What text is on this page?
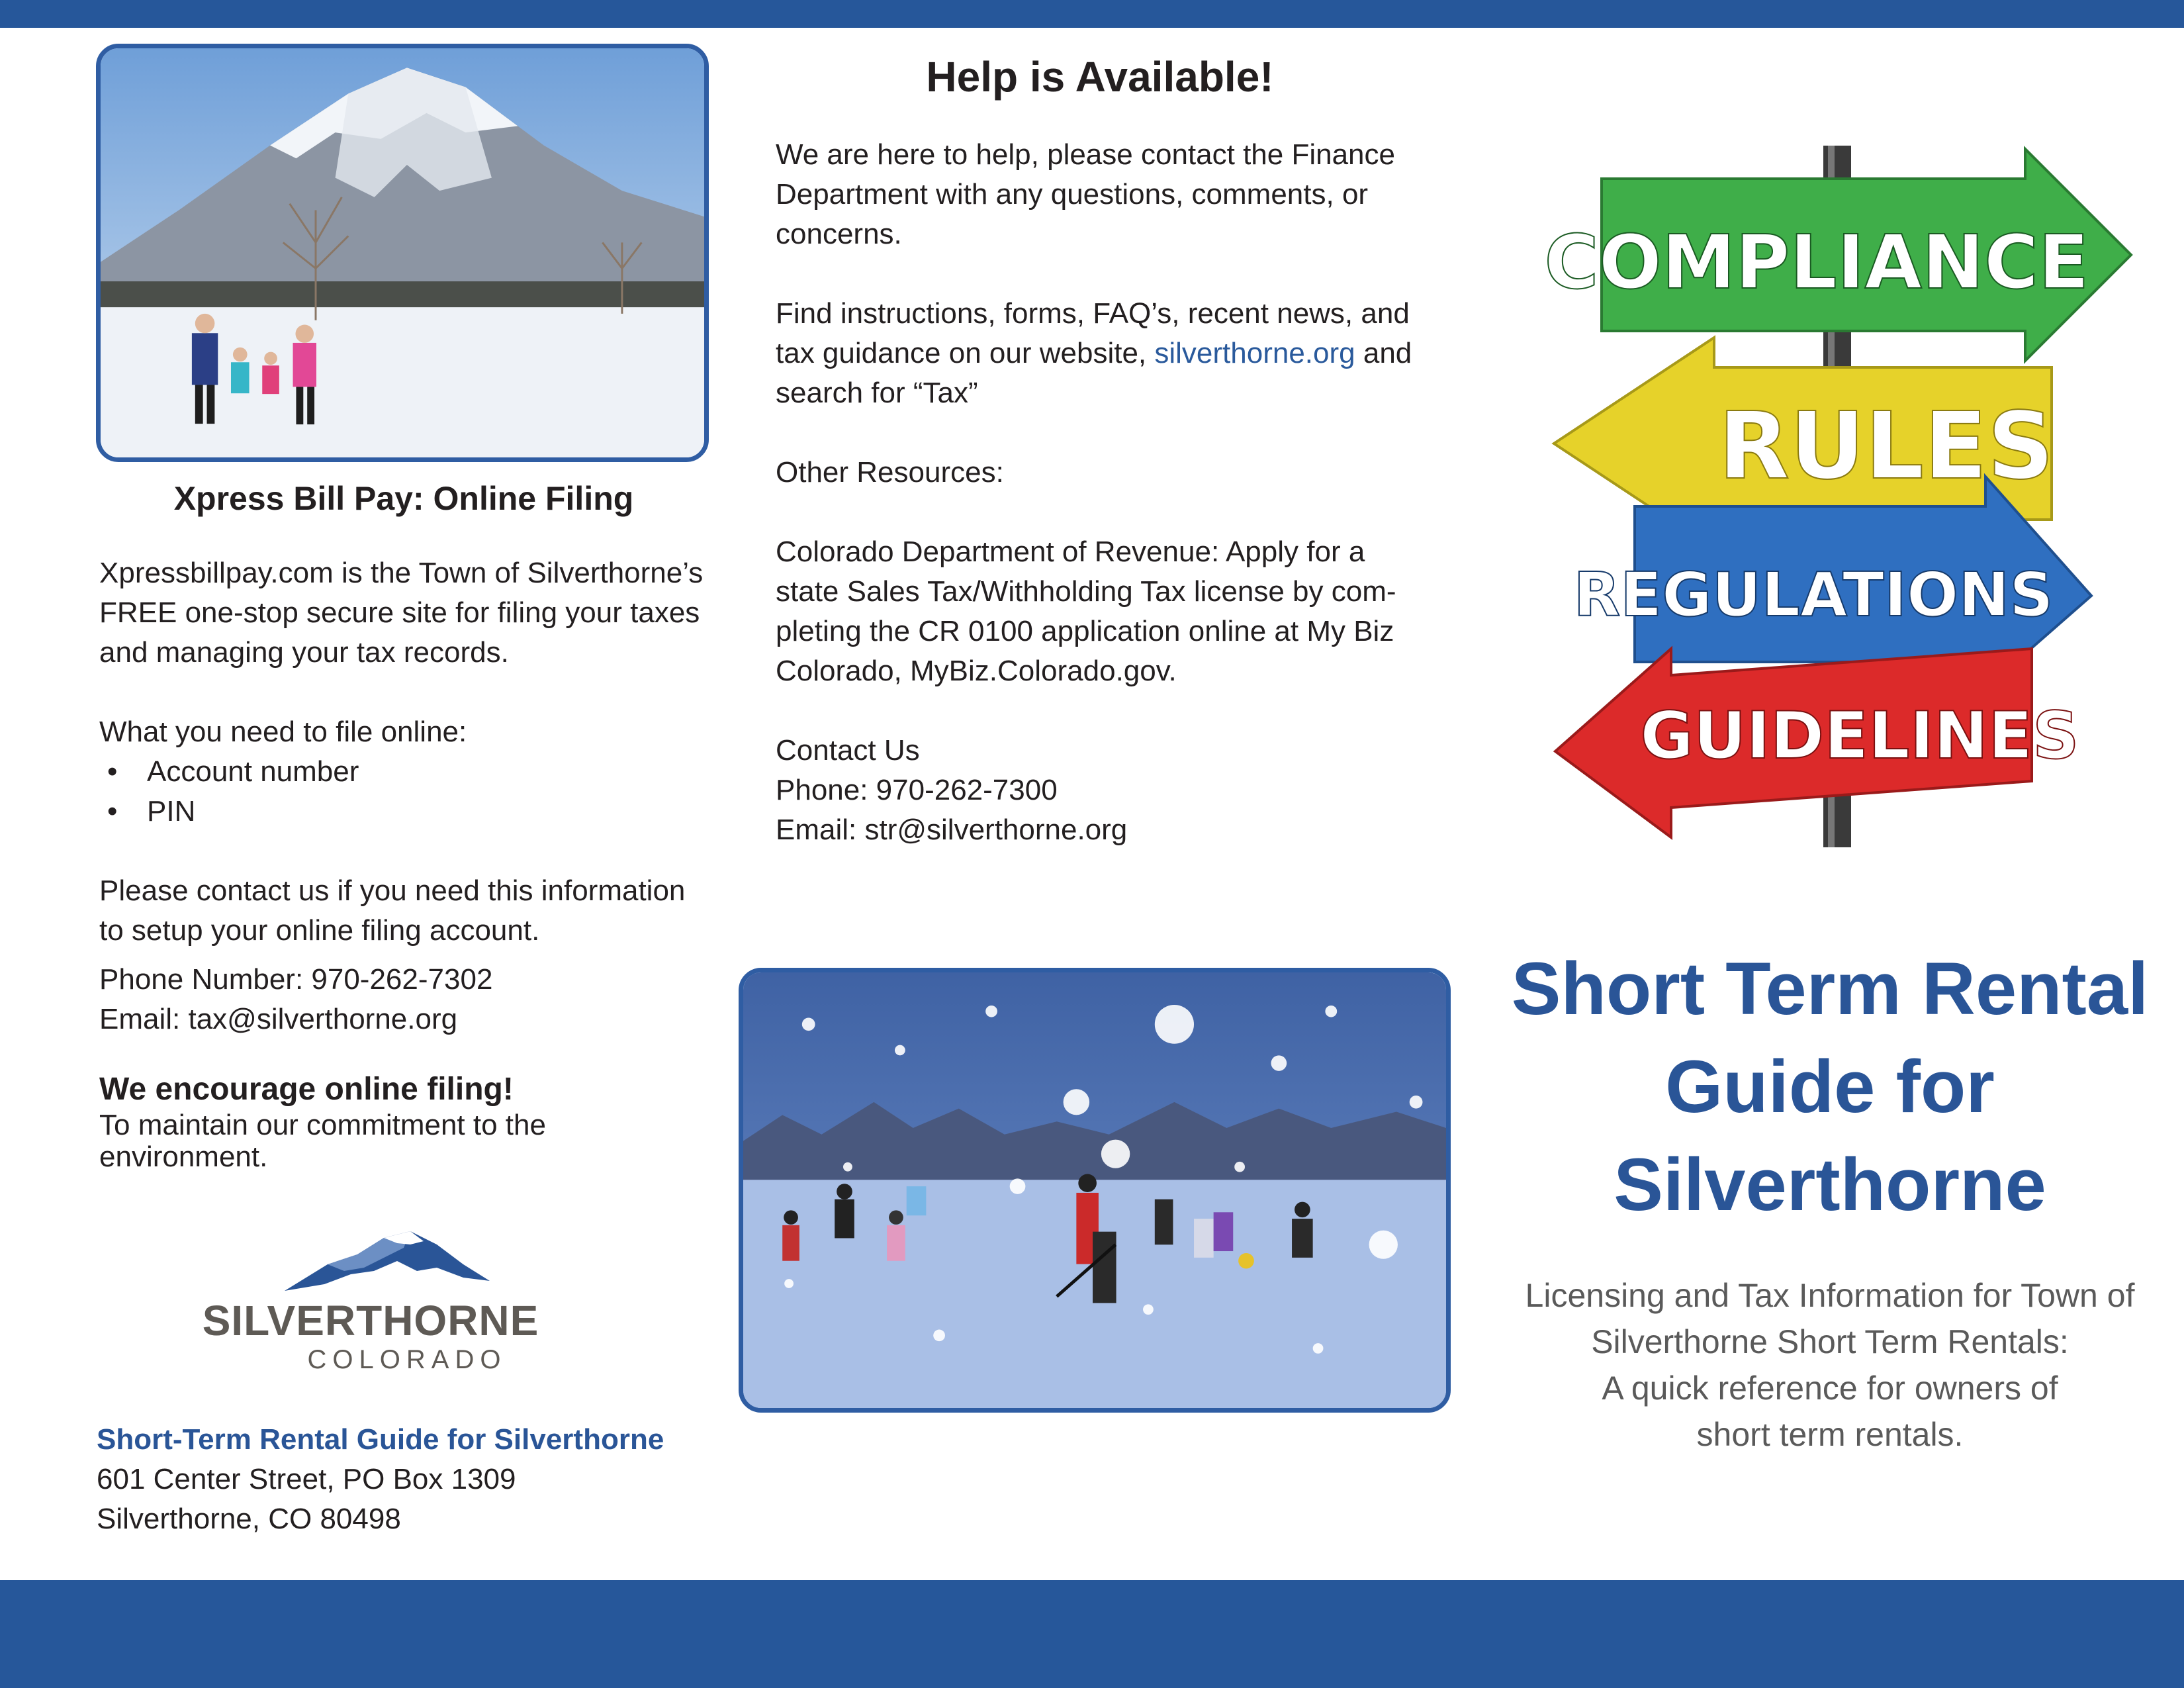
Xpress Bill Pay: Online Filing

Xpressbillpay.com is the Town of Silverthorne’s

FREE one-stop secure site for filing your taxes

and managing your tax records.

What you need to file online:

• Account number
• PIN

Please contact us if you need this information

to setup your online filing account.

Phone Number: 970-262-7302

Email: tax@silverthorne.org

We encourage online filing!

To maintain our commitment to the environment.

SILVERTHORNE
COLORADO

Short-Term Rental Guide for Silverthorne

601 Center Street, PO Box 1309

Silverthorne, CO 80498

Help is Available!

We are here to help, please contact the Finance

Department with any questions, comments, or

concerns.

Find instructions, forms, FAQ’s, recent news, and

tax guidance on our website, silverthorne.org and

search for “Tax”

Other Resources:

Colorado Department of Revenue: Apply for a

state Sales Tax/Withholding Tax license by com-

pleting the CR 0100 application online at My Biz

Colorado, MyBiz.Colorado.gov.

Contact Us

Phone: 970-262-7300

Email: str@silverthorne.org

COMPLIANCE
RULES
REGULATIONS
GUIDELINES
Short Term Rental
Guide for
Silverthorne
Licensing and Tax Information for Town of
Silverthorne Short Term Rentals:
A quick reference for owners of
short term rentals.
